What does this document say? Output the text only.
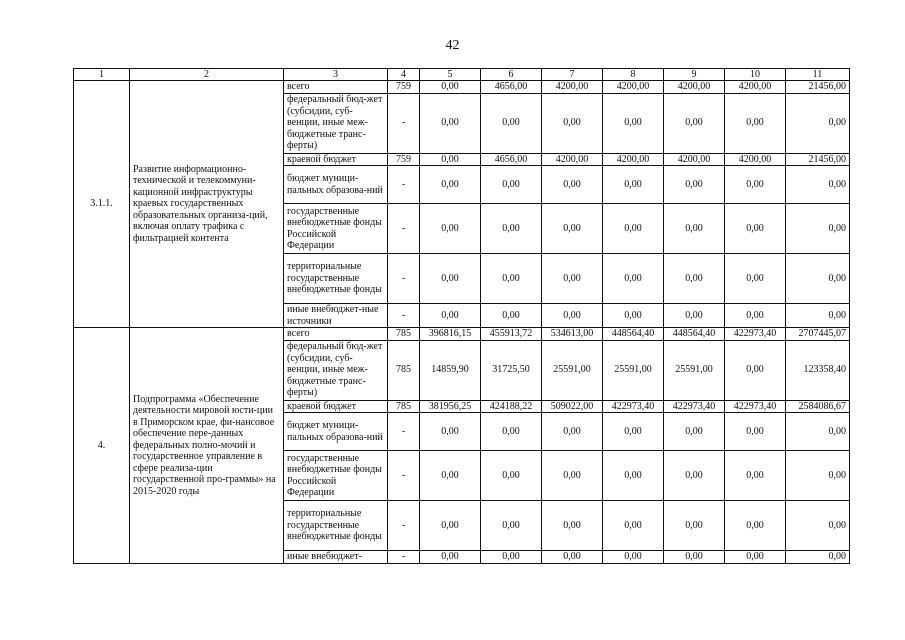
42
1	2	3	4	5	6	7	8	9	10	11
3.1.1.	Развитие информационно-технической и телекоммуни-кационной инфраструктуры краевых государственных образовательных организа-ций, включая оплату трафика с фильтрацией контента	всего	759	0,00	4656,00	4200,00	4200,00	4200,00	4200,00	21456,00
		федеральный бюд-жет (субсидии, суб-венции, иные меж-бюджетные транс-ферты)	-	0,00	0,00	0,00	0,00	0,00	0,00	0,00
		краевой бюджет	759	0,00	4656,00	4200,00	4200,00	4200,00	4200,00	21456,00
		бюджет муници-пальных образова-ний	-	0,00	0,00	0,00	0,00	0,00	0,00	0,00
		государственные внебюджетные фонды Российской Федерации	-	0,00	0,00	0,00	0,00	0,00	0,00	0,00
		территориальные государственные внебюджетные фонды	-	0,00	0,00	0,00	0,00	0,00	0,00	0,00
		иные внебюджет-ные источники	-	0,00	0,00	0,00	0,00	0,00	0,00	0,00
4.	Подпрограмма «Обеспечение деятельности мировой юсти-ции в Приморском крае, фи-нансовое обеспечение пере-данных федеральных полно-мочий и государственное управление в сфере реализа-ции государственной про-граммы» на 2015-2020 годы	всего	785	396816,15	455913,72	534613,00	448564,40	448564,40	422973,40	2707445,07
		федеральный бюд-жет (субсидии, суб-венции, иные меж-бюджетные транс-ферты)	785	14859,90	31725,50	25591,00	25591,00	25591,00	0,00	123358,40
		краевой бюджет	785	381956,25	424188,22	509022,00	422973,40	422973,40	422973,40	2584086,67
		бюджет муници-пальных образова-ний	-	0,00	0,00	0,00	0,00	0,00	0,00	0,00
		государственные внебюджетные фонды Российской Федерации	-	0,00	0,00	0,00	0,00	0,00	0,00	0,00
		территориальные государственные внебюджетные фонды	-	0,00	0,00	0,00	0,00	0,00	0,00	0,00
		иные внебюджет-	-	0,00	0,00	0,00	0,00	0,00	0,00	0,00
